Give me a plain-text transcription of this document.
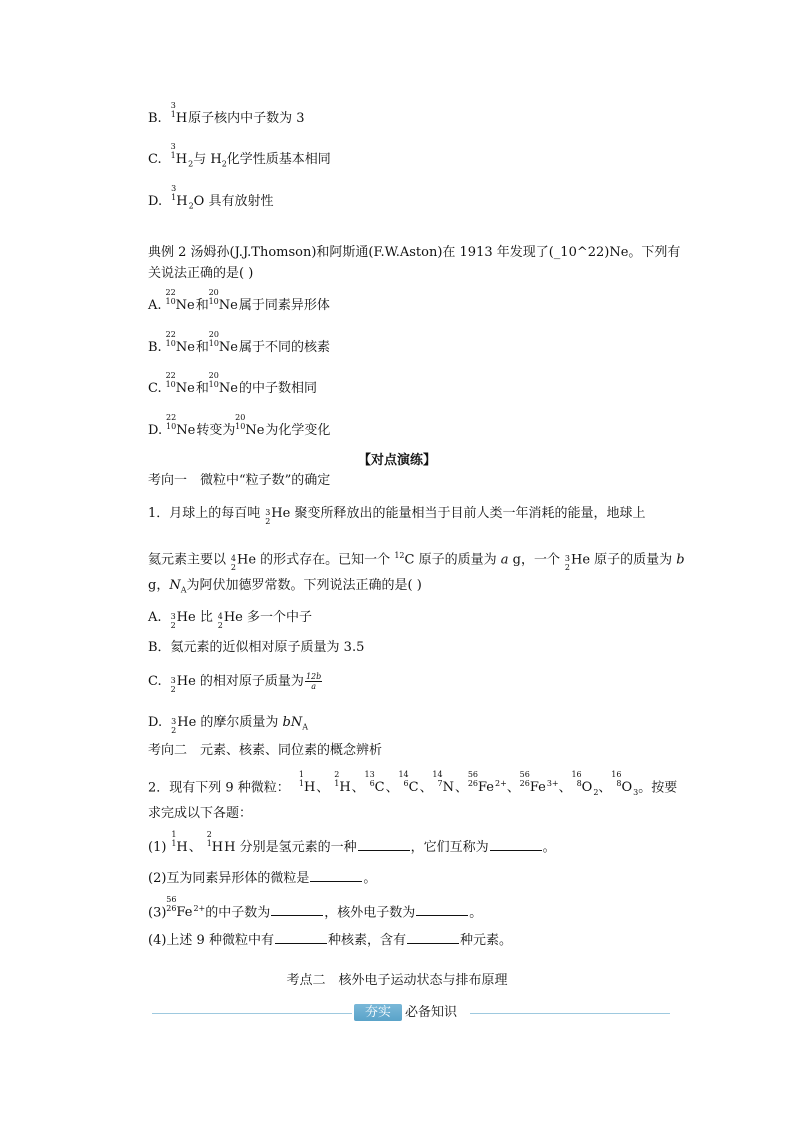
B.
3
1 H原子核内中子数为 3
C.
3
1 $H_2$与 $H_2$化学性质基本相同
D.
3
1 $H_2O$ 具有放射性
典例 2 汤姆孙(J.J.Thomson)和阿斯通(F.W.Aston)在 1913 年发现了(_10^22)Ne。下列有
关说法正确的是( )
A.
22
10 Ne和
20
10 Ne属于同素异形体
B.
22
10 Ne和
20
10 Ne属于不同的核素
C.
22
10 Ne和
20
10 Ne的中子数相同
D.
22
10 Ne转变为
20
10 Ne为化学变化
【对点演练】
考向一　微粒中“粒子数”的确定
1．月球上的每百吨 3
2
He 聚变所释放出的能量相当于目前人类一年消耗的能量，地球上
氦元素主要以 4
2
He 的形式存在。已知一个 $^{12}$C 原子的质量为 a g，一个 3
2
He 原子的质量为 b
g，$N_A$为阿伏加德罗常数。下列说法正确的是( )
A. 3
2
He 比 4
2
He 多一个中子
B．氦元素的近似相对原子质量为 3.5
C. 3
2
He 的相对原子质量为 $\frac{12b}{a}$
D. 3
2
He 的摩尔质量为 $bN_A$
考向二　元素、核素、同位素的概念辨析
2．现有下列 9 种微粒：
1
1 H、
2
1 H、
13
6 C、
14
6 C、
14
7 N、
56
26 $Fe^{2+}$、
56
26 $Fe^{3+}$、
16
8 $O_2$、
16
8 $O_3$。按要
求完成以下各题：
(1)
1
1 H、
2
1 HH 分别是氢元素的一种	，它们互称为	。
(2)互为同素异形体的微粒是	。
(3)
56
26 $Fe^{2+}$的中子数为	，核外电子数为	。
(4)上述 9 种微粒中有	种核素，含有	种元素。
考点二　核外电子运动状态与排布原理
夯实	必备知识
